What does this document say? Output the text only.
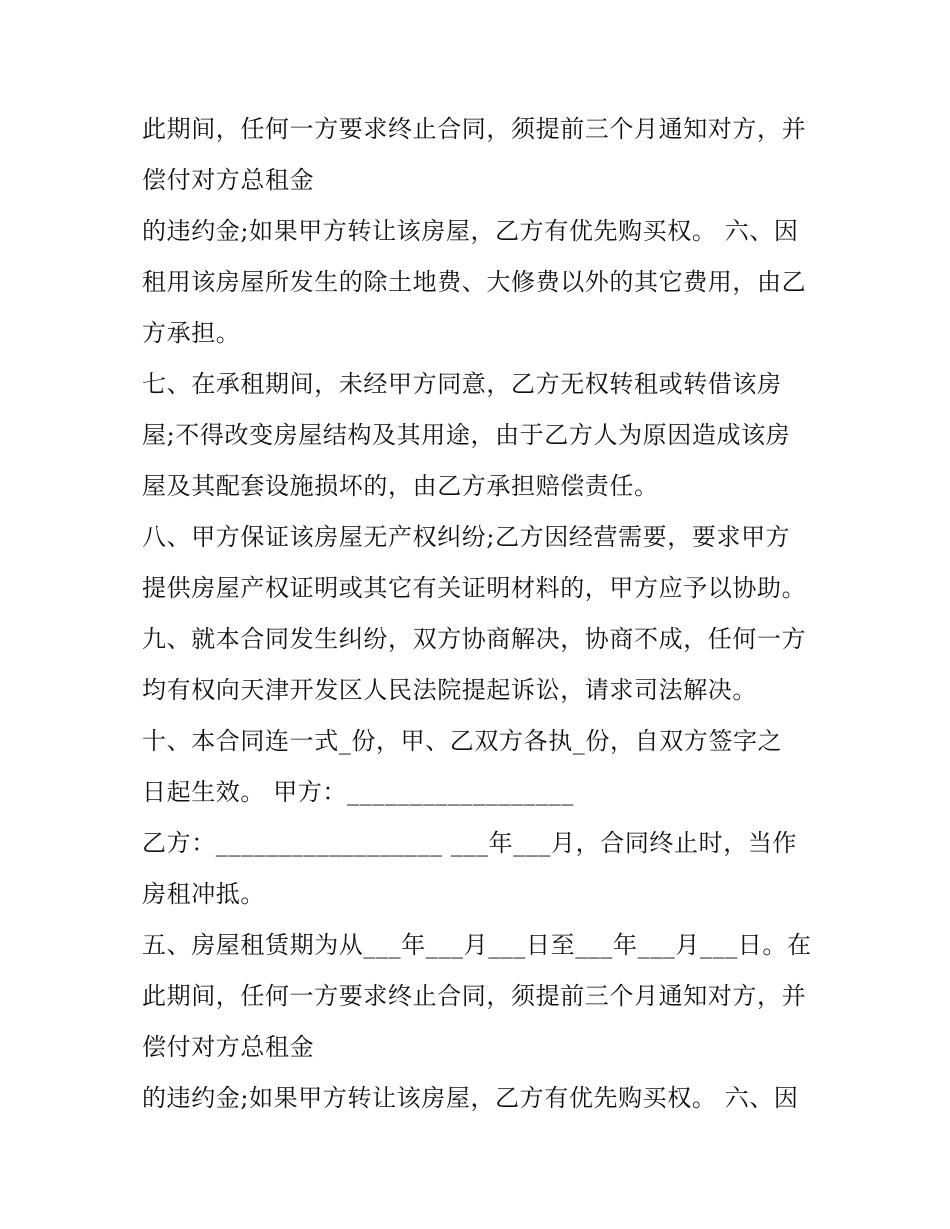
此期间，任何一方要求终止合同，须提前三个月通知对方，并
偿付对方总租金
的违约金;如果甲方转让该房屋，乙方有优先购买权。 六、因
租用该房屋所发生的除土地费、大修费以外的其它费用，由乙
方承担。
七、在承租期间，未经甲方同意，乙方无权转租或转借该房
屋;不得改变房屋结构及其用途，由于乙方人为原因造成该房
屋及其配套设施损坏的，由乙方承担赔偿责任。
八、甲方保证该房屋无产权纠纷;乙方因经营需要，要求甲方
提供房屋产权证明或其它有关证明材料的，甲方应予以协助。
九、就本合同发生纠纷，双方协商解决，协商不成，任何一方
均有权向天津开发区人民法院提起诉讼，请求司法解决。
十、本合同连一式_份，甲、乙双方各执_份，自双方签字之
日起生效。 甲方：__________________
乙方：__________________ ___年___月，合同终止时，当作
房租冲抵。
五、房屋租赁期为从___年___月___日至___年___月___日。在
此期间，任何一方要求终止合同，须提前三个月通知对方，并
偿付对方总租金
的违约金;如果甲方转让该房屋，乙方有优先购买权。 六、因
